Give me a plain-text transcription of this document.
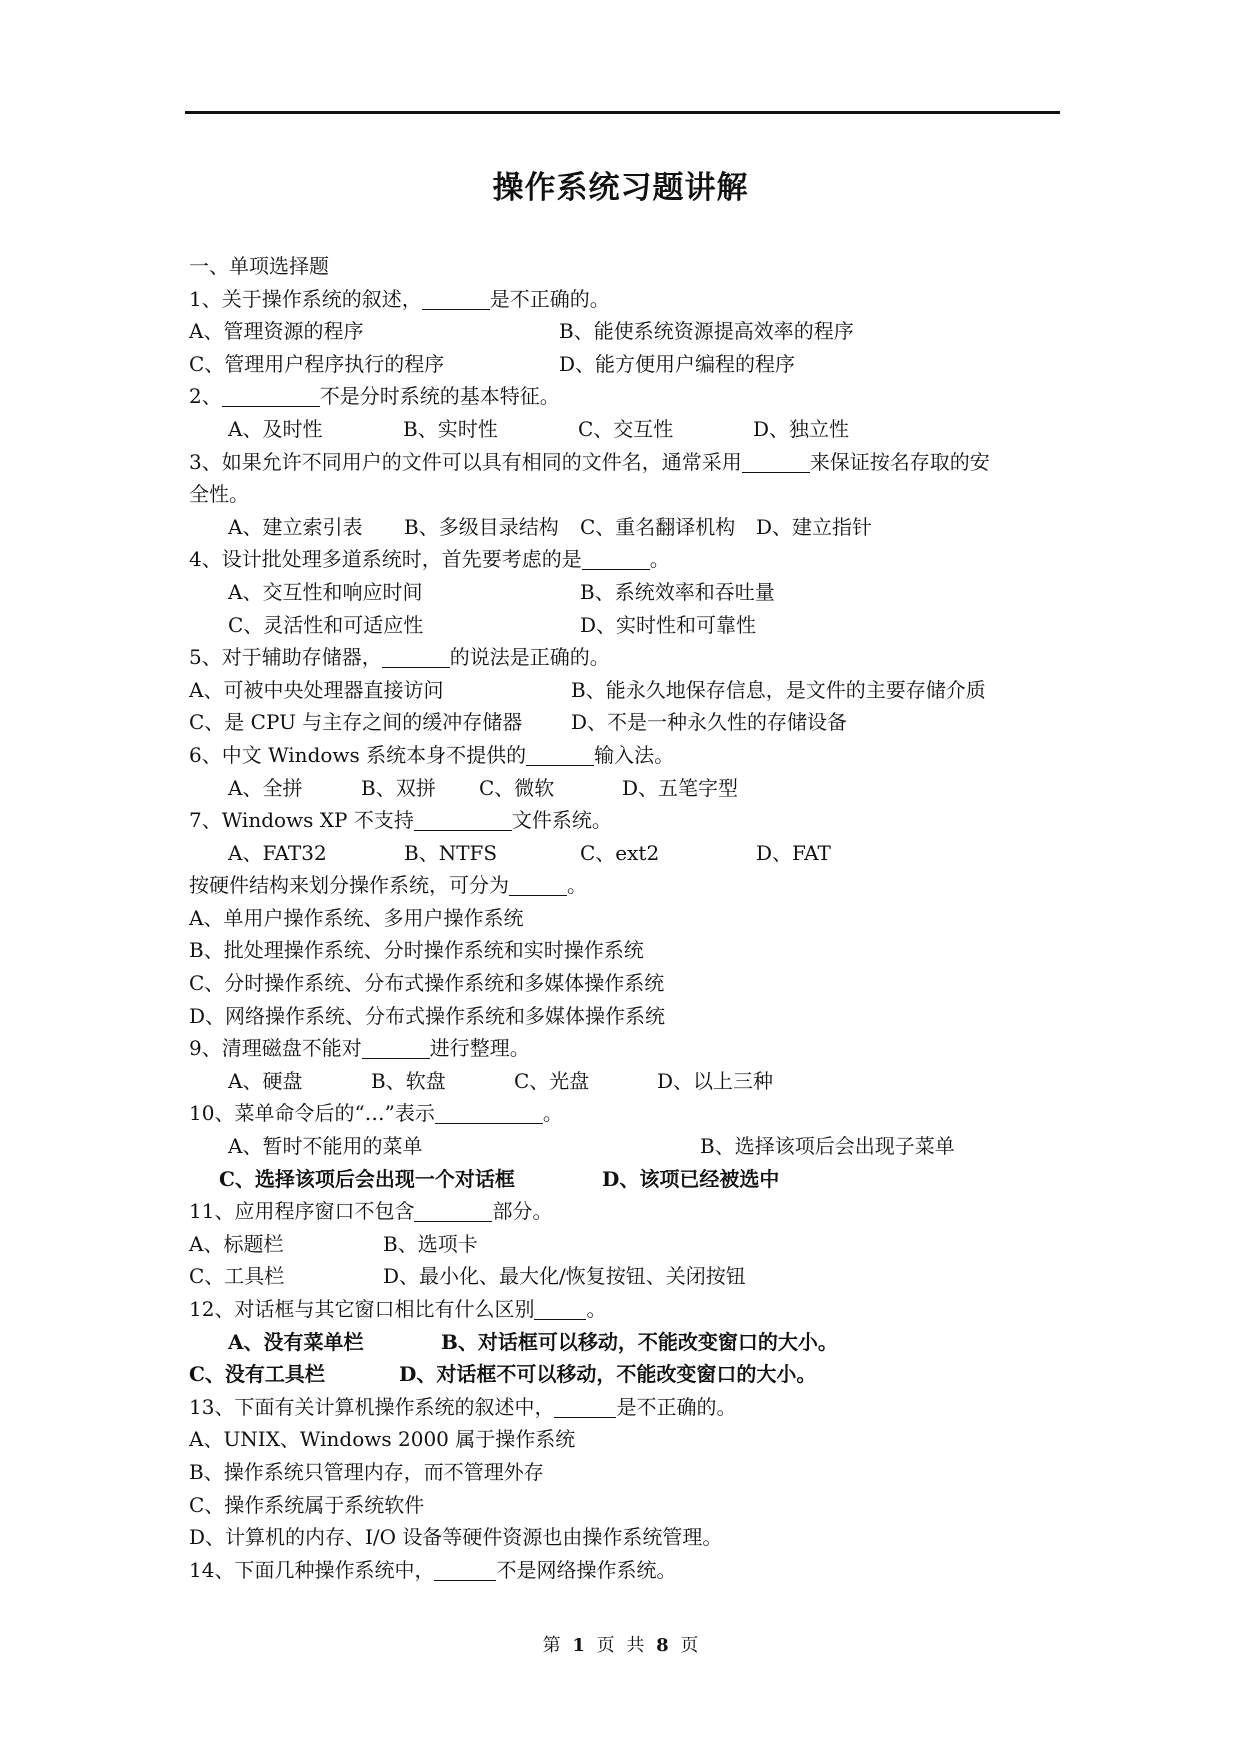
操作系统习题讲解
一、单项选择题
1、关于操作系统的叙述，	是不正确的。
A、管理资源的程序	B、能使系统资源提高效率的程序
C、管理用户程序执行的程序	D、能方便用户编程的程序
2、	不是分时系统的基本特征。
A、及时性	B、实时性	C、交互性	D、独立性
3、如果允许不同用户的文件可以具有相同的文件名，通常采用	来保证按名存取的安
全性。
A、建立索引表 B、多级目录结构 C、重名翻译机构 D、建立指针
4、设计批处理多道系统时，首先要考虑的是	。
A、交互性和响应时间	B、系统效率和吞吐量
C、灵活性和可适应性	D、实时性和可靠性
5、对于辅助存储器，	的说法是正确的。
A、可被中央处理器直接访问	B、能永久地保存信息，是文件的主要存储介质
C、是 CPU 与主存之间的缓冲存储器 D、不是一种永久性的存储设备
6、中文 Windows 系统本身不提供的	输入法。
A、全拼	B、双拼 C、微软	D、五笔字型
7、Windows XP 不支持	文件系统。
A、FAT32	B、NTFS	C、ext2	D、FAT
按硬件结构来划分操作系统，可分为	。
A、单用户操作系统、多用户操作系统
B、批处理操作系统、分时操作系统和实时操作系统
C、分时操作系统、分布式操作系统和多媒体操作系统
D、网络操作系统、分布式操作系统和多媒体操作系统
9、清理磁盘不能对	进行整理。
A、硬盘	B、软盘	C、光盘	D、以上三种
10、菜单命令后的“…”表示	。
A、暂时不能用的菜单	B、选择该项后会出现子菜单
C、选择该项后会出现一个对话框	D、该项已经被选中
11、应用程序窗口不包含	部分。
A、标题栏	B、选项卡
C、工具栏	D、最小化、最大化/恢复按钮、关闭按钮
12、对话框与其它窗口相比有什么区别	。
A、没有菜单栏	B、对话框可以移动，不能改变窗口的大小。
C、没有工具栏	D、对话框不可以移动，不能改变窗口的大小。
13、下面有关计算机操作系统的叙述中，	是不正确的。
A、UNIX、Windows 2000 属于操作系统
B、操作系统只管理内存，而不管理外存
C、操作系统属于系统软件
D、计算机的内存、I/O 设备等硬件资源也由操作系统管理。
14、下面几种操作系统中，	不是网络操作系统。
第 1 页 共 8 页
